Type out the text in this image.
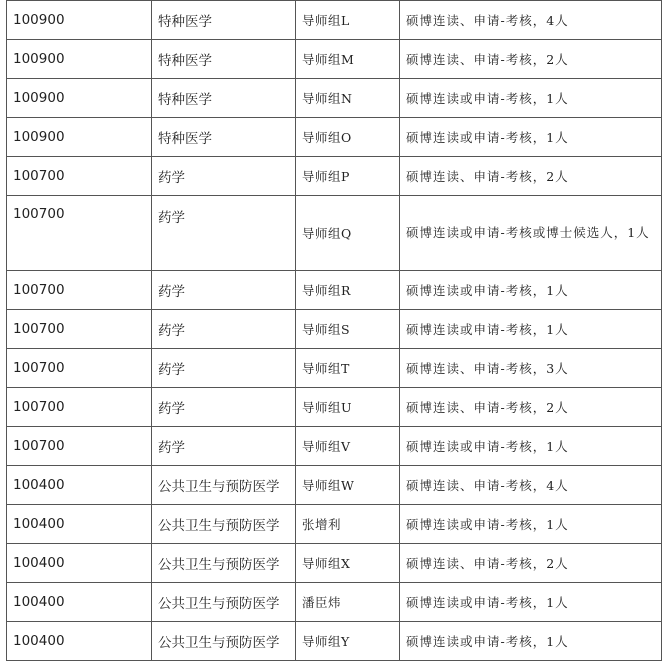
100900	特种医学	导师组L	硕博连读、申请-考核，4人
100900	特种医学	导师组M	硕博连读、申请-考核，2人
100900	特种医学	导师组N	硕博连读或申请-考核，1人
100900	特种医学	导师组O	硕博连读或申请-考核，1人
100700	药学	导师组P	硕博连读、申请-考核，2人
100700	药学	导师组Q	硕博连读或申请-考核或博士候选人，1人
100700	药学	导师组R	硕博连读或申请-考核，1人
100700	药学	导师组S	硕博连读或申请-考核，1人
100700	药学	导师组T	硕博连读、申请-考核，3人
100700	药学	导师组U	硕博连读、申请-考核，2人
100700	药学	导师组V	硕博连读或申请-考核，1人
100400	公共卫生与预防医学	导师组W	硕博连读、申请-考核，4人
100400	公共卫生与预防医学	张增利	硕博连读或申请-考核，1人
100400	公共卫生与预防医学	导师组X	硕博连读、申请-考核，2人
100400	公共卫生与预防医学	潘臣炜	硕博连读或申请-考核，1人
100400	公共卫生与预防医学	导师组Y	硕博连读或申请-考核，1人
